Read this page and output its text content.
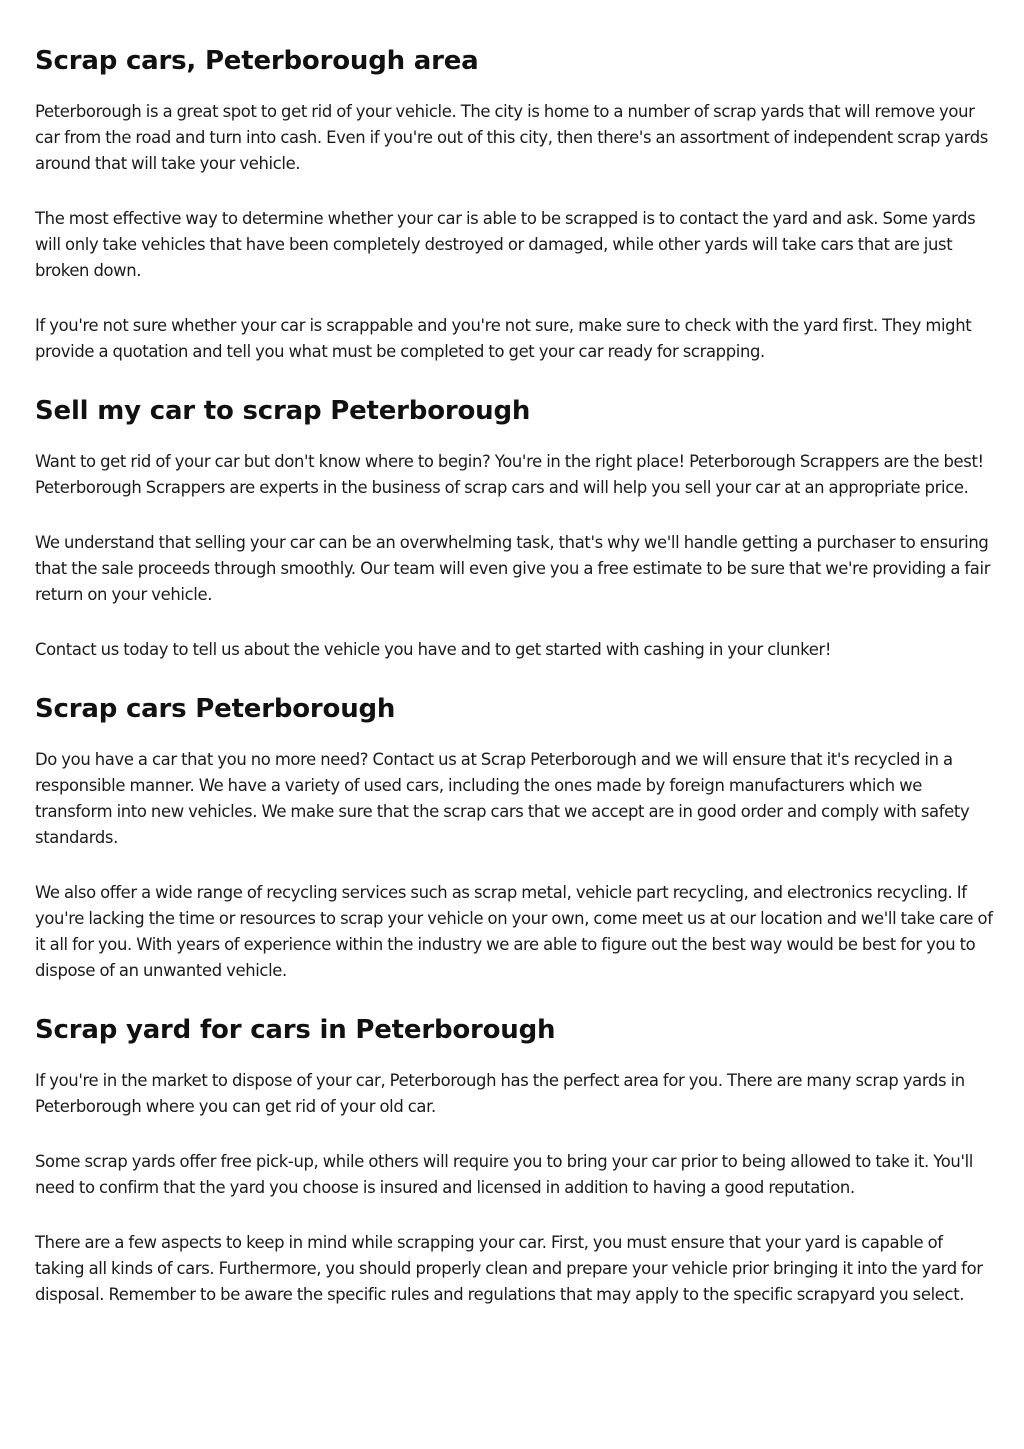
Scrap cars, Peterborough area

Peterborough is a great spot to get rid of your vehicle. The city is home to a number of scrap yards that will remove your car from the road and turn into cash. Even if you're out of this city, then there's an assortment of independent scrap yards around that will take your vehicle.

The most effective way to determine whether your car is able to be scrapped is to contact the yard and ask. Some yards will only take vehicles that have been completely destroyed or damaged, while other yards will take cars that are just broken down.

If you're not sure whether your car is scrappable and you're not sure, make sure to check with the yard first. They might provide a quotation and tell you what must be completed to get your car ready for scrapping.

Sell my car to scrap Peterborough

Want to get rid of your car but don't know where to begin? You're in the right place! Peterborough Scrappers are the best! Peterborough Scrappers are experts in the business of scrap cars and will help you sell your car at an appropriate price.

We understand that selling your car can be an overwhelming task, that's why we'll handle getting a purchaser to ensuring that the sale proceeds through smoothly. Our team will even give you a free estimate to be sure that we're providing a fair return on your vehicle.

Contact us today to tell us about the vehicle you have and to get started with cashing in your clunker!

Scrap cars Peterborough

Do you have a car that you no more need? Contact us at Scrap Peterborough and we will ensure that it's recycled in a responsible manner. We have a variety of used cars, including the ones made by foreign manufacturers which we transform into new vehicles. We make sure that the scrap cars that we accept are in good order and comply with safety standards.

We also offer a wide range of recycling services such as scrap metal, vehicle part recycling, and electronics recycling. If you're lacking the time or resources to scrap your vehicle on your own, come meet us at our location and we'll take care of it all for you. With years of experience within the industry we are able to figure out the best way would be best for you to dispose of an unwanted vehicle.

Scrap yard for cars in Peterborough

If you're in the market to dispose of your car, Peterborough has the perfect area for you. There are many scrap yards in Peterborough where you can get rid of your old car.

Some scrap yards offer free pick-up, while others will require you to bring your car prior to being allowed to take it. You'll need to confirm that the yard you choose is insured and licensed in addition to having a good reputation.

There are a few aspects to keep in mind while scrapping your car. First, you must ensure that your yard is capable of taking all kinds of cars. Furthermore, you should properly clean and prepare your vehicle prior bringing it into the yard for disposal. Remember to be aware the specific rules and regulations that may apply to the specific scrapyard you select.
